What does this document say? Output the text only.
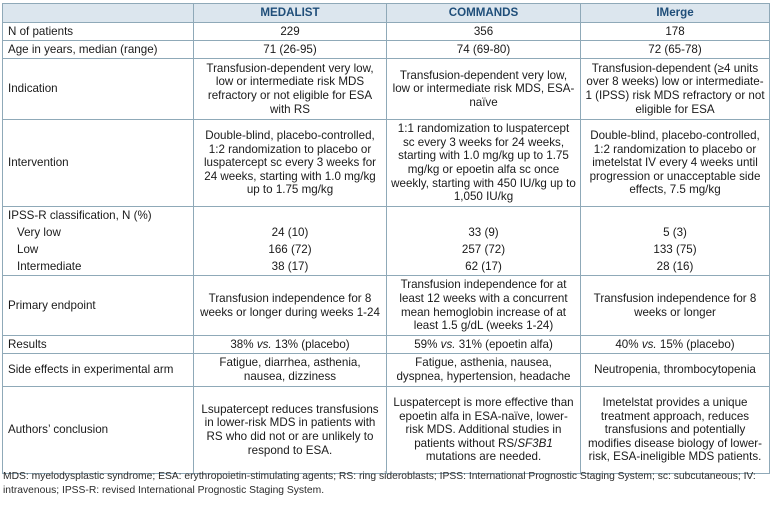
	MEDALIST	COMMANDS	IMerge
N of patients	229	356	178
Age in years, median (range)	71 (26-95)	74 (69-80)	72 (65-78)
Indication	Transfusion-dependent very low, low or intermediate risk MDS refractory or not eligible for ESA with RS	Transfusion-dependent very low, low or intermediate risk MDS, ESA-naïve	Transfusion-dependent (≥4 units over 8 weeks) low or intermediate-1 (IPSS) risk MDS refractory or not eligible for ESA
Intervention	Double-blind, placebo-controlled, 1:2 randomization to placebo or luspatercept sc every 3 weeks for 24 weeks, starting with 1.0 mg/kg up to 1.75 mg/kg	1:1 randomization to luspatercept sc every 3 weeks for 24 weeks, starting with 1.0 mg/kg up to 1.75 mg/kg or epoetin alfa sc once weekly, starting with 450 IU/kg up to 1,050 IU/kg	Double-blind, placebo-controlled, 1:2 randomization to placebo or imetelstat IV every 4 weeks until progression or unacceptable side effects, 7.5 mg/kg
IPSS-R classification, N (%)			
Very low	24 (10)	33 (9)	5 (3)
Low	166 (72)	257 (72)	133 (75)
Intermediate	38 (17)	62 (17)	28 (16)
Primary endpoint	Transfusion independence for 8 weeks or longer during weeks 1-24	Transfusion independence for at least 12 weeks with a concurrent mean hemoglobin increase of at least 1.5 g/dL (weeks 1-24)	Transfusion independence for 8 weeks or longer
Results	38% vs. 13% (placebo)	59% vs. 31% (epoetin alfa)	40% vs. 15% (placebo)
Side effects in experimental arm	Fatigue, diarrhea, asthenia, nausea, dizziness	Fatigue, asthenia, nausea, dyspnea, hypertension, headache	Neutropenia, thrombocytopenia
Authors’ conclusion	Lsupatercept reduces transfusions in lower-risk MDS in patients with RS who did not or are unlikely to respond to ESA.	Luspatercept is more effective than epoetin alfa in ESA-naïve, lower-risk MDS. Additional studies in patients without RS/SF3B1 mutations are needed.	Imetelstat provides a unique treatment approach, reduces transfusions and potentially modifies disease biology of lower-risk, ESA-ineligible MDS patients.
MDS: myelodysplastic syndrome; ESA: erythropoietin-stimulating agents; RS: ring sideroblasts; IPSS: International Prognostic Staging System; sc: subcutaneous; IV: intravenous; IPSS-R: revised International Prognostic Staging System.
